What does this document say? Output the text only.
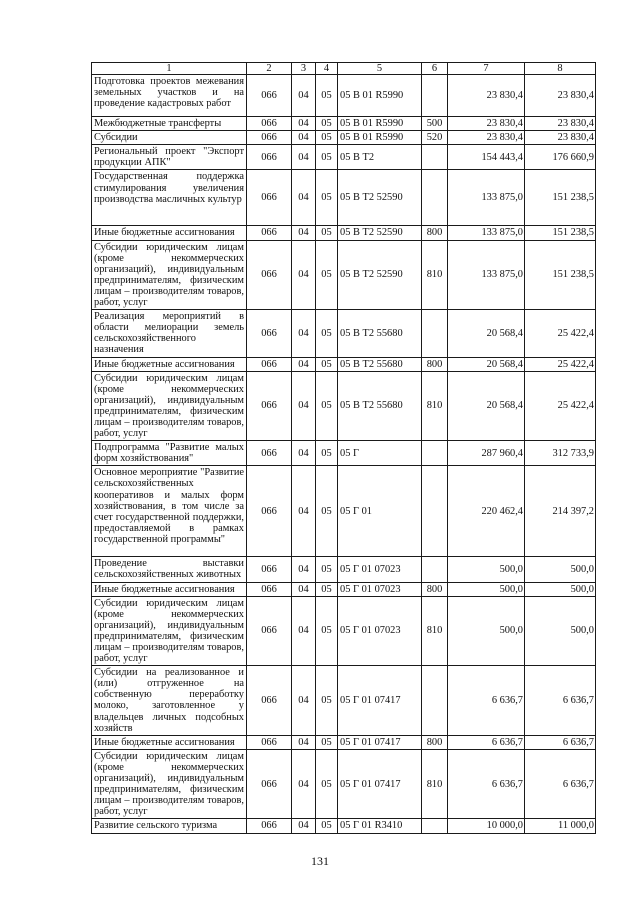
1	2	3	4	5	6	7	8
Подготовка проектов межевания земельных участков и на проведение кадастровых работ	066	04	05	05 В 01 R5990		23 830,4	23 830,4
Межбюджетные трансферты	066	04	05	05 В 01 R5990	500	23 830,4	23 830,4
Субсидии	066	04	05	05 В 01 R5990	520	23 830,4	23 830,4
Региональный проект "Экспорт продукции АПК"	066	04	05	05 В Т2		154 443,4	176 660,9
Государственная поддержка стимулирования увеличения производства масличных культур	066	04	05	05 В Т2 52590		133 875,0	151 238,5
Иные бюджетные ассигнования	066	04	05	05 В Т2 52590	800	133 875,0	151 238,5
Субсидии юридическим лицам (кроме некоммерческих организаций), индивидуальным предпринимателям, физическим лицам – производителям товаров, работ, услуг	066	04	05	05 В Т2 52590	810	133 875,0	151 238,5
Реализация мероприятий в области мелиорации земель сельскохозяйственного назначения	066	04	05	05 В Т2 55680		20 568,4	25 422,4
Иные бюджетные ассигнования	066	04	05	05 В Т2 55680	800	20 568,4	25 422,4
Субсидии юридическим лицам (кроме некоммерческих организаций), индивидуальным предпринимателям, физическим лицам – производителям товаров, работ, услуг	066	04	05	05 В Т2 55680	810	20 568,4	25 422,4
Подпрограмма "Развитие малых форм хозяйствования"	066	04	05	05 Г		287 960,4	312 733,9
Основное мероприятие "Развитие сельскохозяйственных кооперативов и малых форм хозяйствования, в том числе за счет государственной поддержки, предоставляемой в рамках государственной программы"	066	04	05	05 Г 01		220 462,4	214 397,2
Проведение выставки сельскохозяйственных животных	066	04	05	05 Г 01 07023		500,0	500,0
Иные бюджетные ассигнования	066	04	05	05 Г 01 07023	800	500,0	500,0
Субсидии юридическим лицам (кроме некоммерческих организаций), индивидуальным предпринимателям, физическим лицам – производителям товаров, работ, услуг	066	04	05	05 Г 01 07023	810	500,0	500,0
Субсидии на реализованное и (или) отгруженное на собственную переработку молоко, заготовленное у владельцев личных подсобных хозяйств	066	04	05	05 Г 01 07417		6 636,7	6 636,7
Иные бюджетные ассигнования	066	04	05	05 Г 01 07417	800	6 636,7	6 636,7
Субсидии юридическим лицам (кроме некоммерческих организаций), индивидуальным предпринимателям, физическим лицам – производителям товаров, работ, услуг	066	04	05	05 Г 01 07417	810	6 636,7	6 636,7
Развитие сельского туризма	066	04	05	05 Г 01 R3410		10 000,0	11 000,0
131
